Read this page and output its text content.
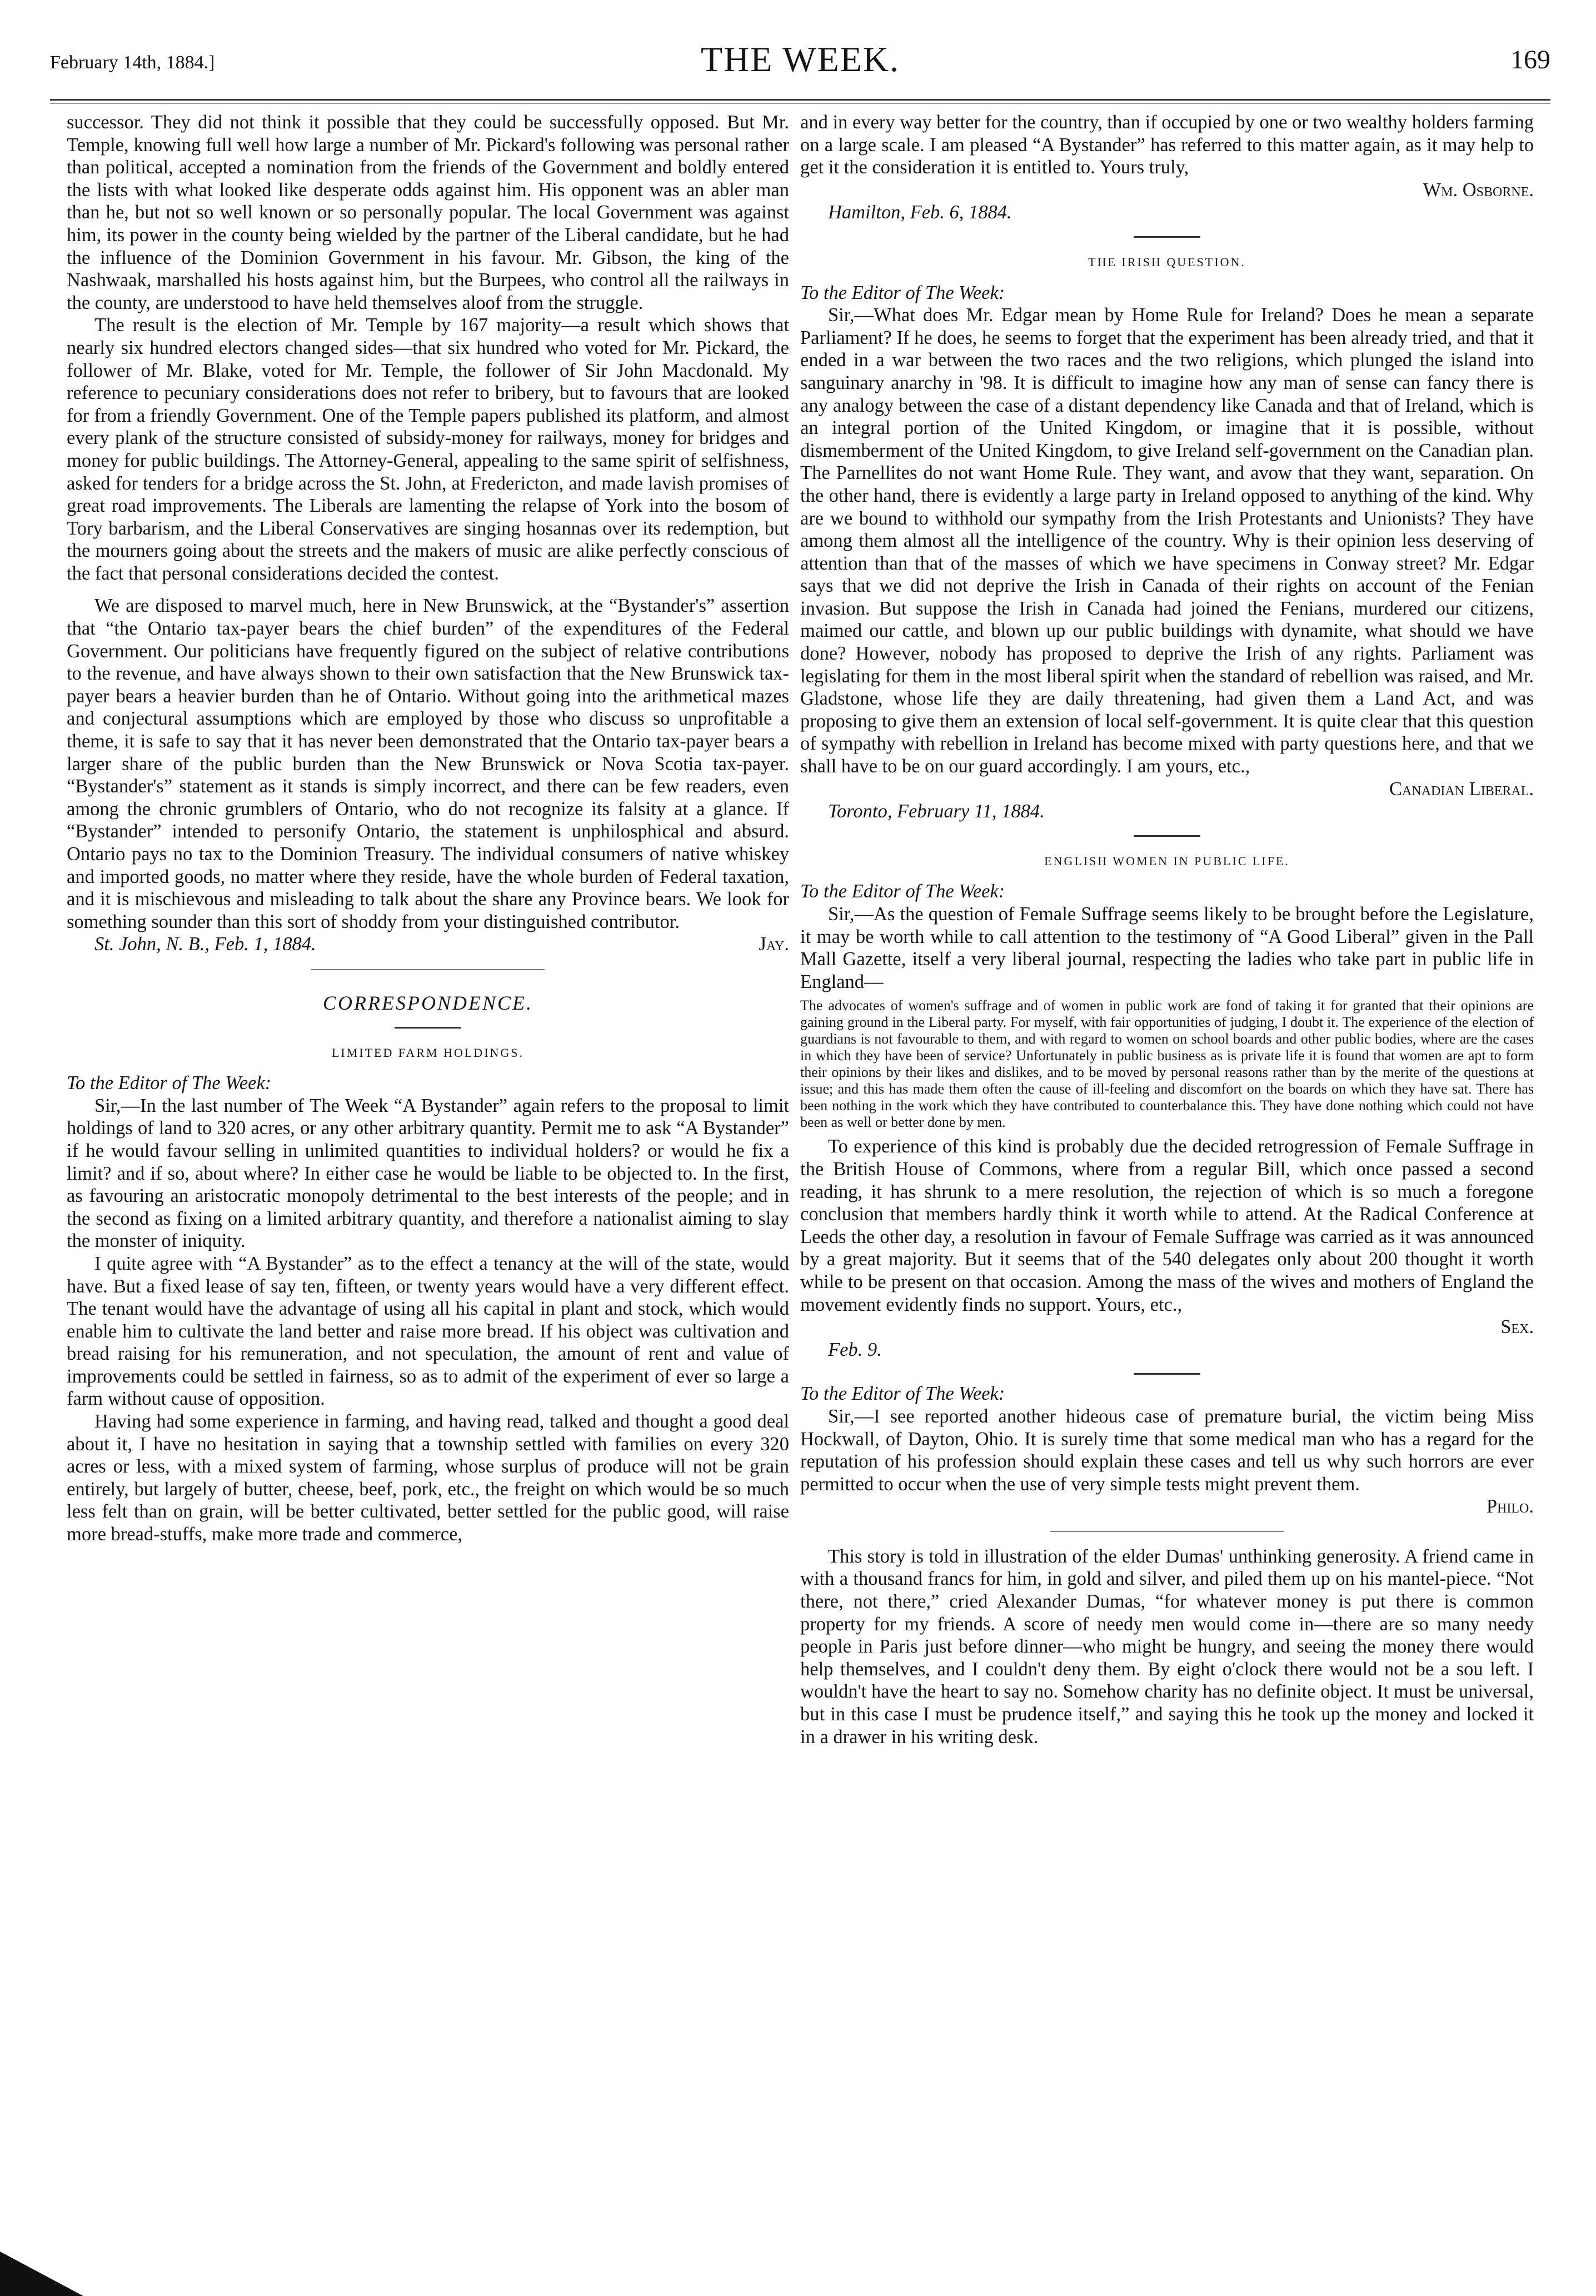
February 14th, 1884.]	THE WEEK.	169

successor. They did not think it possible that they could be successfully opposed. But Mr. Temple, knowing full well how large a number of Mr. Pickard's following was personal rather than political, accepted a nomination from the friends of the Government and boldly entered the lists with what looked like desperate odds against him. His opponent was an abler man than he, but not so well known or so personally popular. The local Government was against him, its power in the county being wielded by the partner of the Liberal candidate, but he had the influence of the Dominion Government in his favour. Mr. Gibson, the king of the Nashwaak, marshalled his hosts against him, but the Burpees, who control all the railways in the county, are understood to have held themselves aloof from the struggle.

The result is the election of Mr. Temple by 167 majority—a result which shows that nearly six hundred electors changed sides—that six hundred who voted for Mr. Pickard, the follower of Mr. Blake, voted for Mr. Temple, the follower of Sir John Macdonald. My reference to pecuniary considerations does not refer to bribery, but to favours that are looked for from a friendly Government. One of the Temple papers published its platform, and almost every plank of the structure consisted of subsidy-money for railways, money for bridges and money for public buildings. The Attorney-General, appealing to the same spirit of selfishness, asked for tenders for a bridge across the St. John, at Fredericton, and made lavish promises of great road improvements. The Liberals are lamenting the relapse of York into the bosom of Tory barbarism, and the Liberal Conservatives are singing hosannas over its redemption, but the mourners going about the streets and the makers of music are alike perfectly conscious of the fact that personal considerations decided the contest.

We are disposed to marvel much, here in New Brunswick, at the “Bystander's” assertion that “the Ontario tax-payer bears the chief burden” of the expenditures of the Federal Government. Our politicians have frequently figured on the subject of relative contributions to the revenue, and have always shown to their own satisfaction that the New Brunswick tax-payer bears a heavier burden than he of Ontario. Without going into the arithmetical mazes and conjectural assumptions which are employed by those who discuss so unprofitable a theme, it is safe to say that it has never been demonstrated that the Ontario tax-payer bears a larger share of the public burden than the New Brunswick or Nova Scotia tax-payer. “Bystander's” statement as it stands is simply incorrect, and there can be few readers, even among the chronic grumblers of Ontario, who do not recognize its falsity at a glance. If “Bystander” intended to personify Ontario, the statement is unphilosphical and absurd. Ontario pays no tax to the Dominion Treasury. The individual consumers of native whiskey and imported goods, no matter where they reside, have the whole burden of Federal taxation, and it is mischievous and misleading to talk about the share any Province bears. We look for something sounder than this sort of shoddy from your distinguished contributor.

St. John, N. B., Feb. 1, 1884.	Jay.
CORRESPONDENCE.
LIMITED FARM HOLDINGS.
To the Editor of The Week:

Sir,—In the last number of The Week “A Bystander” again refers to the proposal to limit holdings of land to 320 acres, or any other arbitrary quantity. Permit me to ask “A Bystander” if he would favour selling in unlimited quantities to individual holders? or would he fix a limit? and if so, about where? In either case he would be liable to be objected to. In the first, as favouring an aristocratic monopoly detrimental to the best interests of the people; and in the second as fixing on a limited arbitrary quantity, and therefore a nationalist aiming to slay the monster of iniquity.

I quite agree with “A Bystander” as to the effect a tenancy at the will of the state, would have. But a fixed lease of say ten, fifteen, or twenty years would have a very different effect. The tenant would have the advantage of using all his capital in plant and stock, which would enable him to cultivate the land better and raise more bread. If his object was cultivation and bread raising for his remuneration, and not speculation, the amount of rent and value of improvements could be settled in fairness, so as to admit of the experiment of ever so large a farm without cause of opposition.

Having had some experience in farming, and having read, talked and thought a good deal about it, I have no hesitation in saying that a township settled with families on every 320 acres or less, with a mixed system of farming, whose surplus of produce will not be grain entirely, but largely of butter, cheese, beef, pork, etc., the freight on which would be so much less felt than on grain, will be better cultivated, better settled for the public good, will raise more bread-stuffs, make more trade and commerce,

and in every way better for the country, than if occupied by one or two wealthy holders farming on a large scale. I am pleased “A Bystander” has referred to this matter again, as it may help to get it the consideration it is entitled to. Yours truly,

Wm. Osborne.
Hamilton, Feb. 6, 1884.
THE IRISH QUESTION.
To the Editor of The Week:

Sir,—What does Mr. Edgar mean by Home Rule for Ireland? Does he mean a separate Parliament? If he does, he seems to forget that the experiment has been already tried, and that it ended in a war between the two races and the two religions, which plunged the island into sanguinary anarchy in '98. It is difficult to imagine how any man of sense can fancy there is any analogy between the case of a distant dependency like Canada and that of Ireland, which is an integral portion of the United Kingdom, or imagine that it is possible, without dismemberment of the United Kingdom, to give Ireland self-government on the Canadian plan. The Parnellites do not want Home Rule. They want, and avow that they want, separation. On the other hand, there is evidently a large party in Ireland opposed to anything of the kind. Why are we bound to withhold our sympathy from the Irish Protestants and Unionists? They have among them almost all the intelligence of the country. Why is their opinion less deserving of attention than that of the masses of which we have specimens in Conway street? Mr. Edgar says that we did not deprive the Irish in Canada of their rights on account of the Fenian invasion. But suppose the Irish in Canada had joined the Fenians, murdered our citizens, maimed our cattle, and blown up our public buildings with dynamite, what should we have done? However, nobody has proposed to deprive the Irish of any rights. Parliament was legislating for them in the most liberal spirit when the standard of rebellion was raised, and Mr. Gladstone, whose life they are daily threatening, had given them a Land Act, and was proposing to give them an extension of local self-government. It is quite clear that this question of sympathy with rebellion in Ireland has become mixed with party questions here, and that we shall have to be on our guard accordingly. I am yours, etc.,

Canadian Liberal.
Toronto, February 11, 1884.
ENGLISH WOMEN IN PUBLIC LIFE.
To the Editor of The Week:

Sir,—As the question of Female Suffrage seems likely to be brought before the Legislature, it may be worth while to call attention to the testimony of “A Good Liberal” given in the Pall Mall Gazette, itself a very liberal journal, respecting the ladies who take part in public life in England—

The advocates of women's suffrage and of women in public work are fond of taking it for granted that their opinions are gaining ground in the Liberal party. For myself, with fair opportunities of judging, I doubt it. The experience of the election of guardians is not favourable to them, and with regard to women on school boards and other public bodies, where are the cases in which they have been of service? Unfortunately in public business as is private life it is found that women are apt to form their opinions by their likes and dislikes, and to be moved by personal reasons rather than by the merite of the questions at issue; and this has made them often the cause of ill-feeling and discomfort on the boards on which they have sat. There has been nothing in the work which they have contributed to counterbalance this. They have done nothing which could not have been as well or better done by men.

To experience of this kind is probably due the decided retrogression of Female Suffrage in the British House of Commons, where from a regular Bill, which once passed a second reading, it has shrunk to a mere resolution, the rejection of which is so much a foregone conclusion that members hardly think it worth while to attend. At the Radical Conference at Leeds the other day, a resolution in favour of Female Suffrage was carried as it was announced by a great majority. But it seems that of the 540 delegates only about 200 thought it worth while to be present on that occasion. Among the mass of the wives and mothers of England the movement evidently finds no support. Yours, etc.,

Sex.
Feb. 9.
To the Editor of The Week:

Sir,—I see reported another hideous case of premature burial, the victim being Miss Hockwall, of Dayton, Ohio. It is surely time that some medical man who has a regard for the reputation of his profession should explain these cases and tell us why such horrors are ever permitted to occur when the use of very simple tests might prevent them.

Philo.

This story is told in illustration of the elder Dumas' unthinking generosity. A friend came in with a thousand francs for him, in gold and silver, and piled them up on his mantel-piece. “Not there, not there,” cried Alexander Dumas, “for whatever money is put there is common property for my friends. A score of needy men would come in—there are so many needy people in Paris just before dinner—who might be hungry, and seeing the money there would help themselves, and I couldn't deny them. By eight o'clock there would not be a sou left. I wouldn't have the heart to say no. Somehow charity has no definite object. It must be universal, but in this case I must be prudence itself,” and saying this he took up the money and locked it in a drawer in his writing desk.
